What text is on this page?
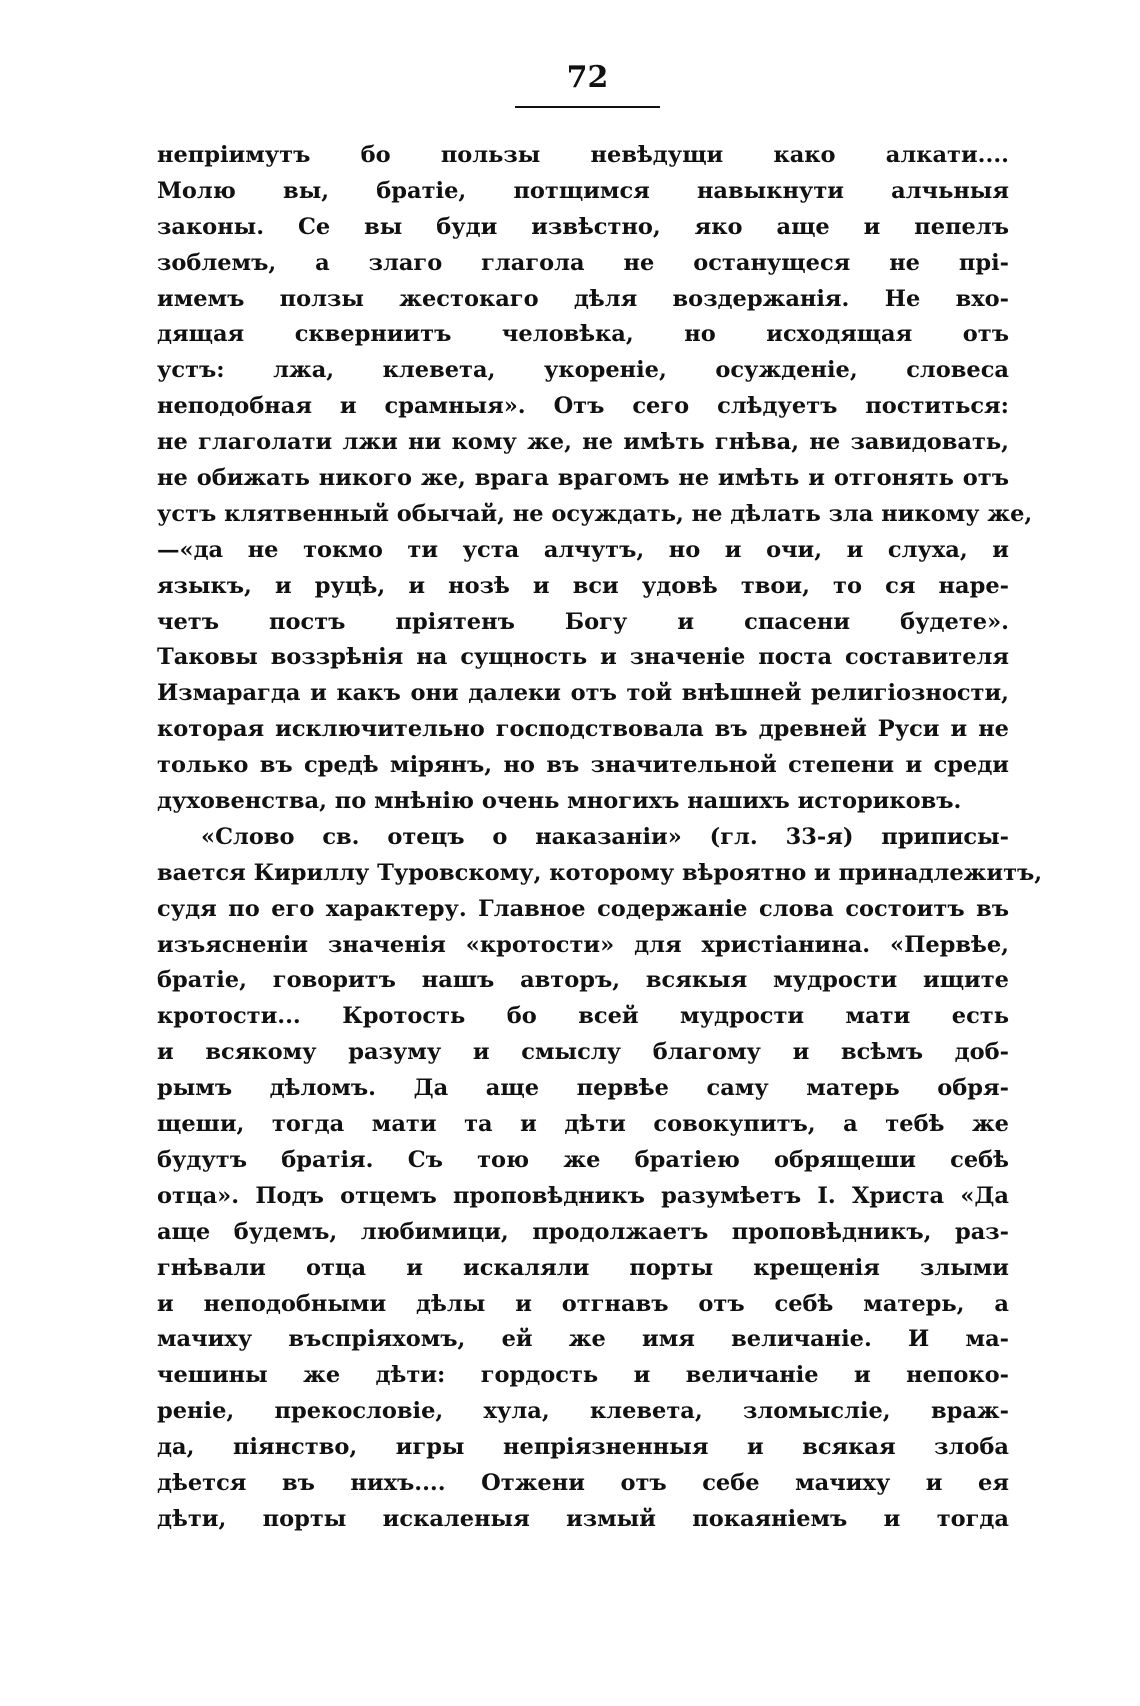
72
непріимутъ бо пользы невѣдущи како алкати....
Молю вы, братіе, потщимся навыкнути алчьныя
законы. Се вы буди извѣстно, яко аще и пепелъ
зоблемъ, а злаго глагола не останущеся не прі-
имемъ ползы жестокаго дѣля воздержанія. Не вхо-
дящая скверниитъ человѣка, но исходящая отъ
устъ: лжа, клевета, укореніе, осужденіе, словеса
неподобная и срамныя». Отъ сего слѣдуетъ поститься:
не глаголати лжи ни кому же, не имѣть гнѣва, не завидовать,
не обижать никого же, врага врагомъ не имѣть и отгонять отъ
устъ клятвенный обычай, не осуждать, не дѣлать зла никому же,
—«да не токмо ти уста алчутъ, но и очи, и слуха, и
языкъ, и руцѣ, и нозѣ и вси удовѣ твои, то ся нарe-
четъ постъ пріятенъ Богу и спасени будете».
Таковы воззрѣнія на сущность и значеніе поста составителя
Измарагда и какъ они далеки отъ той внѣшней религіозности,
которая исключительно господствовала въ древней Руси и не
только въ средѣ мірянъ, но въ значительной степени и среди
духовенства, по мнѣнію очень многихъ нашихъ историковъ.
«Слово св. отецъ о наказаніи» (гл. 33-я) приписы-
вается Кириллу Туровскому, которому вѣроятно и принадлежитъ,
судя по его характеру. Главное содержаніе слова состоитъ въ
изъясненіи значенія «кротости» для христіанина. «Первѣе,
братіе, говоритъ нашъ авторъ, всякыя мудрости ищите
кротости... Кротость бо всей мудрости мати есть
и всякому разуму и смыслу благому и всѣмъ доб-
рымъ дѣломъ. Да аще первѣе саму матерь обря-
щеши, тогда мати та и дѣти совокупитъ, а тебѣ же
будутъ братія. Съ тою же братіею обрящеши себѣ
отца». Подъ отцемъ проповѣдникъ разумѣетъ І. Христа «Да
аще будемъ, любимици, продолжаетъ проповѣдникъ, раз-
гнѣвали отца и искаляли порты крещенія злыми
и неподобными дѣлы и отгнавъ отъ себѣ матерь, а
мачиху въспріяхомъ, ей же имя величаніе. И ма-
чешины же дѣти: гордость и величаніе и непоко-
реніе, прекословіе, хула, клевета, зломысліе, враж-
да, піянство, игры непріязненныя и всякая злоба
дѣется въ нихъ.... Отжени отъ себе мачиху и ея
дѣти, порты искаленыя измый покаяніемъ и тогда
